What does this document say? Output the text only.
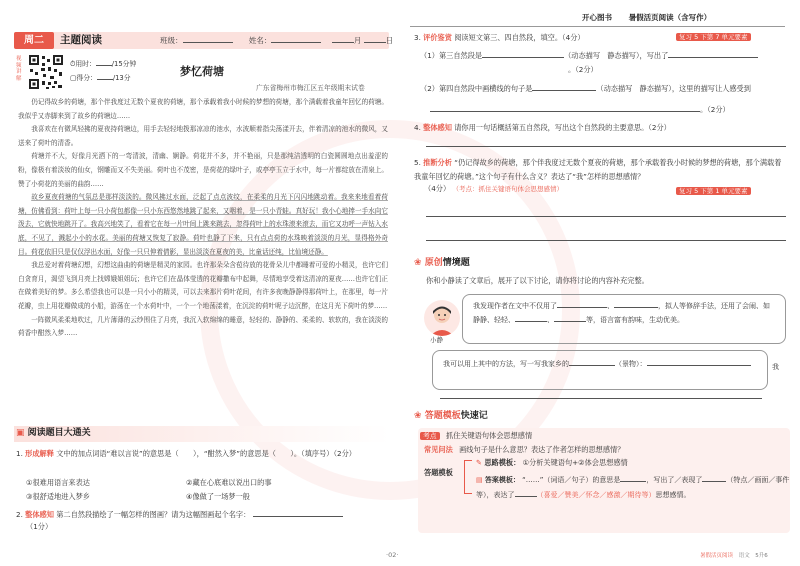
开心图书 暑假活页阅读（含写作）
周二	主题阅读	班级：	姓名：	月	日
视频讲解
⏱用时： /15分钟
▢得分： /13分	梦忆荷塘
广东省梅州市梅江区五年级期末试卷

仍记得故乡的荷塘，那个伴我度过无数个夏夜的荷塘，那个承载着我小时候的梦想的荷塘，那个满载着我童年回忆的荷塘。我似乎又赤脚来到了故乡的荷塘边……

我喜欢在有微风轻拂的夏夜持荷塘边，用手去轻轻地拨那凉凉的池水，水波顺着指尖荡漾开去，伴着清凉的池水的微风，又送来了荷叶的清香。

荷塘并不大，好像月光洒下的一弯清波，清幽、娴静。荷花并不多，并不艳丽，只是那纯洁透明的白瓷圆圆地点出羞涩的粉，像极有着淡妆的仙女，钢雕而又不失美丽。荷叶也不茂密，是荷花的绿叶子，或亭亭玉立于水中，每一片都绽放在清泉上。赞了小荷花的美丽的曲韵……

故乡夏夜荷塘的气氛总是那样淡淡的。微风拂过水面，泛起了点点波纹，在柔柔的月光下闪闪地跳动着。我来来地看着荷塘，仿佛看到：荷叶上每一只小荷包都像一只小东西悠然地跳了起来，又咽着，是一只小青蛙。真好玩！我小心地捧一手水向它泼去，它就快地跳开了。我高兴地笑了，看着它在每一片叶间上跳来跳去，忽得荷叶上的水珠滚来滚去，而它又功呼一声钻入水底，不见了，溅起小小的水花。美丽的荷塘又恢复了寂静。荷叶也静了下来，只有点点荷的水珠映着淡淡的月光，显得格外奇目。荷花依旧只是仅仅浮出水面，好像一只只伸着倩影，显出淡淡在夏夜的美，比童话还纯，比仙境还静。

我总爱对着荷塘幻想，幻想这曲曲的荷塘是精灵的家园。也许那朵朵含苞待放的花骨朵儿中都睡着可爱的小精灵，也许它们白贪育月，渴望飞到月亮上找嫦娥姐姐玩；也许它们在晶体莹透的花瓣撒布中起舞，尽情地享受着这清凉的夏夜……也许它们正在做着美好的梦。多么希望我也可以是一只小小的精灵，可以去来那片荷叶花间，有许多夜晚静静得那荷叶上，在那里，每一片花瓣，虫上用花瓣做成的小船，游荡在一个水荷叶中，一个一个地荡漾着，在沉淀的荷叶呢子边沉醉，在这月光下荷叶的梦……

一阵微风柔柔地吹过，几片薄薄的云纱围住了月亮，我沉入软绵绵的睡意，轻轻的、静静的、柔柔的、软软的，我在淡淡的荷香中酣然入梦……

▣ 阅读题目大通关
1. 形成解释 文中的加点词语“难以言说”的意思是（　　），“酣然入梦”的意思是（　　）。（填序号）（2分）
①很难用语言来表达	②藏在心底难以说出口的事
③很舒适地进入梦乡	④像做了一场梦一般
2. 整体感知 第二自然段描绘了一幅怎样的图画？请为这幅图画起个名字：
（1分）
3. 评价鉴赏 阅读短文第三、四自然段，填空。（4分）	复习 5 下第 7 单元要素
（1）第三自然段是	（动态描写　静态描写），写出了
。（2分）
（2）第四自然段中画横线的句子是	（动态描写　静态描写），这里的描写让人感受到
。（2分）
4. 整体感知 请你用一句话概括第五自然段，写出这个自然段的主要意思。（2分）
5. 推断分析 “仍记得故乡的荷塘，那个伴我度过无数个夏夜的荷塘，那个承载着我小时候的梦想的荷塘，那个满载着我童年回忆的荷塘。”这个句子有什么含义？表达了“我”怎样的思想感情？
（4分） （考点：抓住关键语句体会思想感情）	复习 5 下第 1 单元要素
❀ 原创情境题
你和小静读了文章后，展开了以下讨论，请你将讨论的内容补充完整。
小静
我发现作者在文中不仅用了	、	，拟人等修辞手法，还用了会闹、如静静、轻轻、	、	等，语言富有韵味，生动优美。
我可以用上其中的方法，写一写我家乡的	（景物）：	我
❀ 答题模板快速记
考点 抓住关键语句体会思想感情
常见问法 画线句子是什么意思？表达了作者怎样的思想感情？
答题模板
✎ 思路模板： ①分析关键语句+②体会思想感情
▤ 答案模板： “……”（词语／句子）的意思是	，写出了／表现了	（特点／画面／事件等），表达了	（喜爱／赞美／怀念／感激／期待等）思想感情。
·02·	暑假活页阅读 语文　5升6
